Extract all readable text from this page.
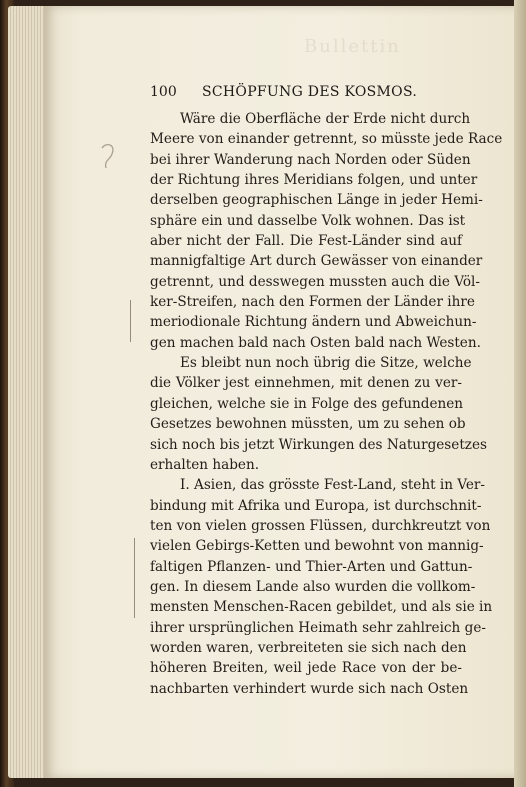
Bullettin
100 SCHÖPFUNG DES KOSMOS.
Wäre die Oberfläche der Erde nicht durch
Meere von einander getrennt, so müsste jede Race
bei ihrer Wanderung nach Norden oder Süden
der Richtung ihres Meridians folgen, und unter
derselben geographischen Länge in jeder Hemi-
sphäre ein und dasselbe Volk wohnen. Das ist
aber nicht der Fall. Die Fest-Länder sind auf
mannigfaltige Art durch Gewässer von einander
getrennt, und desswegen mussten auch die Völ-
ker-Streifen, nach den Formen der Länder ihre
meriodionale Richtung ändern und Abweichun-
gen machen bald nach Osten bald nach Westen.
Es bleibt nun noch übrig die Sitze, welche
die Völker jest einnehmen, mit denen zu ver-
gleichen, welche sie in Folge des gefundenen
Gesetzes bewohnen müssten, um zu sehen ob
sich noch bis jetzt Wirkungen des Naturgesetzes
erhalten haben.
I. Asien, das grösste Fest-Land, steht in Ver-
bindung mit Afrika und Europa, ist durchschnit-
ten von vielen grossen Flüssen, durchkreutzt von
vielen Gebirgs-Ketten und bewohnt von mannig-
faltigen Pflanzen- und Thier-Arten und Gattun-
gen. In diesem Lande also wurden die vollkom-
mensten Menschen-Racen gebildet, und als sie in
ihrer ursprünglichen Heimath sehr zahlreich ge-
worden waren, verbreiteten sie sich nach den
höheren Breiten, weil jede Race von der be-
nachbarten verhindert wurde sich nach Osten
